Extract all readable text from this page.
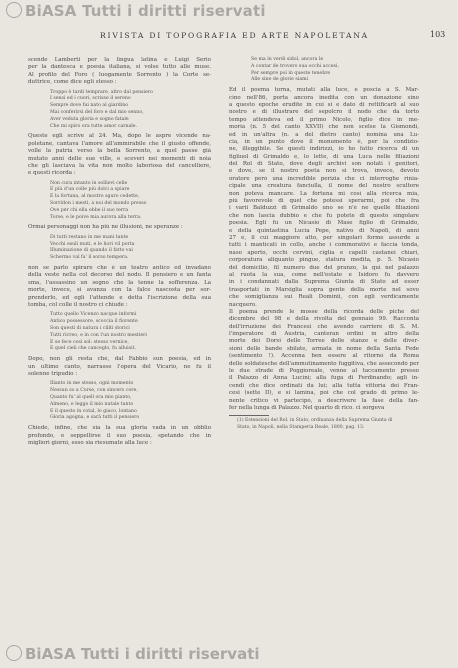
BiASA Tutti i diritti riservati
RIVISTA DI TOPOGRAFIA ED ARTE NAPOLETANA	103
scende Lamberti per la lingua latina e Luigi Serio
per la dantesca e poesia italiana, si volse tutto alle muse.
Al profilo del Foro ( luogamente Sorrento ) la Corte se-
duttrice, come dice egli stesso :
Troppo è tardi temprare, altro dal pensiero
I sensi ed i cuori, scrisse il sereno
Sempre dove fui nato al giardino
Mai conferirsi del foro e dal mio senno,
Aver veduta gloria e sogno fatale
Che mi spiro ora tutte amor carnale.
Queste egli scrive al 24. Ma, dopo le aspre vicende na-
poletane, cantava l'amore all'ammirabile che il giusto offende,
volle la patria verso la bella Sorrento, a quel paese già
mutato anni delle sue ville, e sceveri nei momenti di noia
che gli lasciava la vita non molto laboriosa del cancelliere,
e questi ricorda :
Non cura intanto in sollievi celle
E più d'un colle più dolci a spiare
E la fortuna, al mostro sguro cedette,
Sorridon i mesti, a noi del mondo presso
Ove per chi ella ebbe il suo terra
Torse, e le poive mia aurora alla terra.
Ormai personaggi non ha più ne illusioni, ne speranze :
Di tutti restano in me mani tante
Vecchi esuli muti, e le liori vil porta
Illuminazione di quando il fatto vai
Schermo val fa' il sorso tempera.
non se parlo spirare che è un teatro antico ed invadano
della veste nella col decorso del nodo. Il pensiero e un fanta
sma, l'assassino un segno che la tenne la sofferenza. La
morte, invece, si avanza con la falce nascosta per sor-
prenderlo, ed egli l'attende e detta l'iscrizione della sua
tomba, col colle il nostro ci chiude :
Tutto quello Vicenzo nacque informi
Antico possessore, scoccia il fiorente
Son questi di natura i ciliti storici
Tutti ricreo, e in con l'un nostro mestieri
E se fece così sol: stesso vernice,
E quel cieli che canceglo, fu alluisit.
Dopo, non gli resta che, dal Fabbio sun poesia, ed in
un ultimo canto, narrasse l'opera del Vicario, ne fu il
solenne tripudio :
Illanto in me stesso, ogni momento
Nessun so a Corse, con sincero core,
Quanto fu' al quell ora mio pianto,
Almeno, e leggo il mio natale tanto
E il questo in cotal, lo giaco, lontano
Gloria agogna, e sarà tutti il pensiero
Chiede, infine, che sia la sua gloria vada in un obblio
profondo, e seppellirse il suo poesia, spetando che in
migliori giorni, esso sia riesumate alla luce :
Se ma in verdi sidol, ancora le
A contar de trovero sua occhi accesi,
Per sempre poi in queste tenebre
Alle sine de glorie siami
Ed il poema torna, mutati alla luce, e poscia a S. Mar-
cino nell'86, porta ancora inedita con un donazione sino
a questo epoche erudite in cui si e dato di rettificarli al suo
nostro e di illustrare del sepolcro il nodo che da torto
tempo attendeva ed il primo Nicolo, figlio dice in me-
moria (n. 5 del canto XXVII) che non scelse la Gismondi,
ed in un'altra (n. a del dietro canto) nomina una Lu-
cia, in un punto dove il monumento è, per la condizio-
ne, illeggibile. Se questi indirizzi, io ho fatto ricerca di un
figliuol di Grimaldo e, lo lette, di una Luca nelle filiazioni
del Rol di Stato, dove degli archivi son notati i genitori,
e dove, se il nostro poeta non si trova, invece, devoto
oratore però una incredible perizia che ci interroghe rinia-
cipale una creatura fanciulla, il nome del nostro scultore
non poteva mancare. La fortuna mi così alla ricerca mia,
più favorevole di quel che potessi sperarmi, poi che fra
i varii Balduzzi di Grimaldo uno se n'è ne quelle filiazioni
che non lascia dubbio e che fu potete di questo singolare
poesia. Egli fu un Nicasio di Mase figlio di Grimaldo,
e della quintastina Lucia Pepe, nativo di Napoli, di anni
27 e, il cui maggiore atto, per singolari forme assurde a
tutti i manticati in collo, anche i commorativi e faccia tonda,
naso aperto, occhi cervini, ciglia e capelli castanei chiari,
corporatura aliquanto pingue, statura medita, p. 5. Nicasio
del domicilio, fil numero due del pranzo, la qui nel palazzo
al ruota la sua, come nell'estate e Isidoro fu davvero
in i condannati dalla Suprema Giunta di Stato ad esser
trasportati in Marsiglia sopra gente della morte nel sovo
che somiglianza sui Reali Dominii, con egli verdicamente
nacquero.
Il poema prende le mosse della ricorda delle piche del
dicembre del 98 e della rivolta del gennaio 99. Racconta
dell'irruzione dei Francesi che avendo carriere di S. M.
l'imperatore di Austria, canteran ordini in altro della
morte dei Dorsi delle Torree delle stanze e delle diver-
sioni delle bande sbilate, armata in nome della Santa Fede
(sentimento !). Accenna ben essere al ritorno da Roma
delle soldatesche dell'ammutinamento fuggitiva, che assecondò per
le due strade di Poggioreale, venne al taccamento presso
il Palazzo di Anna Lucini; alla fuga di Ferdinando; agli in-
cendi che dice ordinati da lui; alla tutta vittoria dei Fran-
cesi (sette II), e si lamina, poi che col grado di primo le-
nente critico vi partecipò, a descrivere la fase della fan-
fer nella lunga di Palazzo. Nel quarto di rico. ci sorgeva
(1) Estensioni del Rol. in Stato, ordinanza della Suprema Giunta di
Stato, in Napoli, nella Stamperia Reale, 1800, pag. 13.
BiASA Tutti i diritti riservati
